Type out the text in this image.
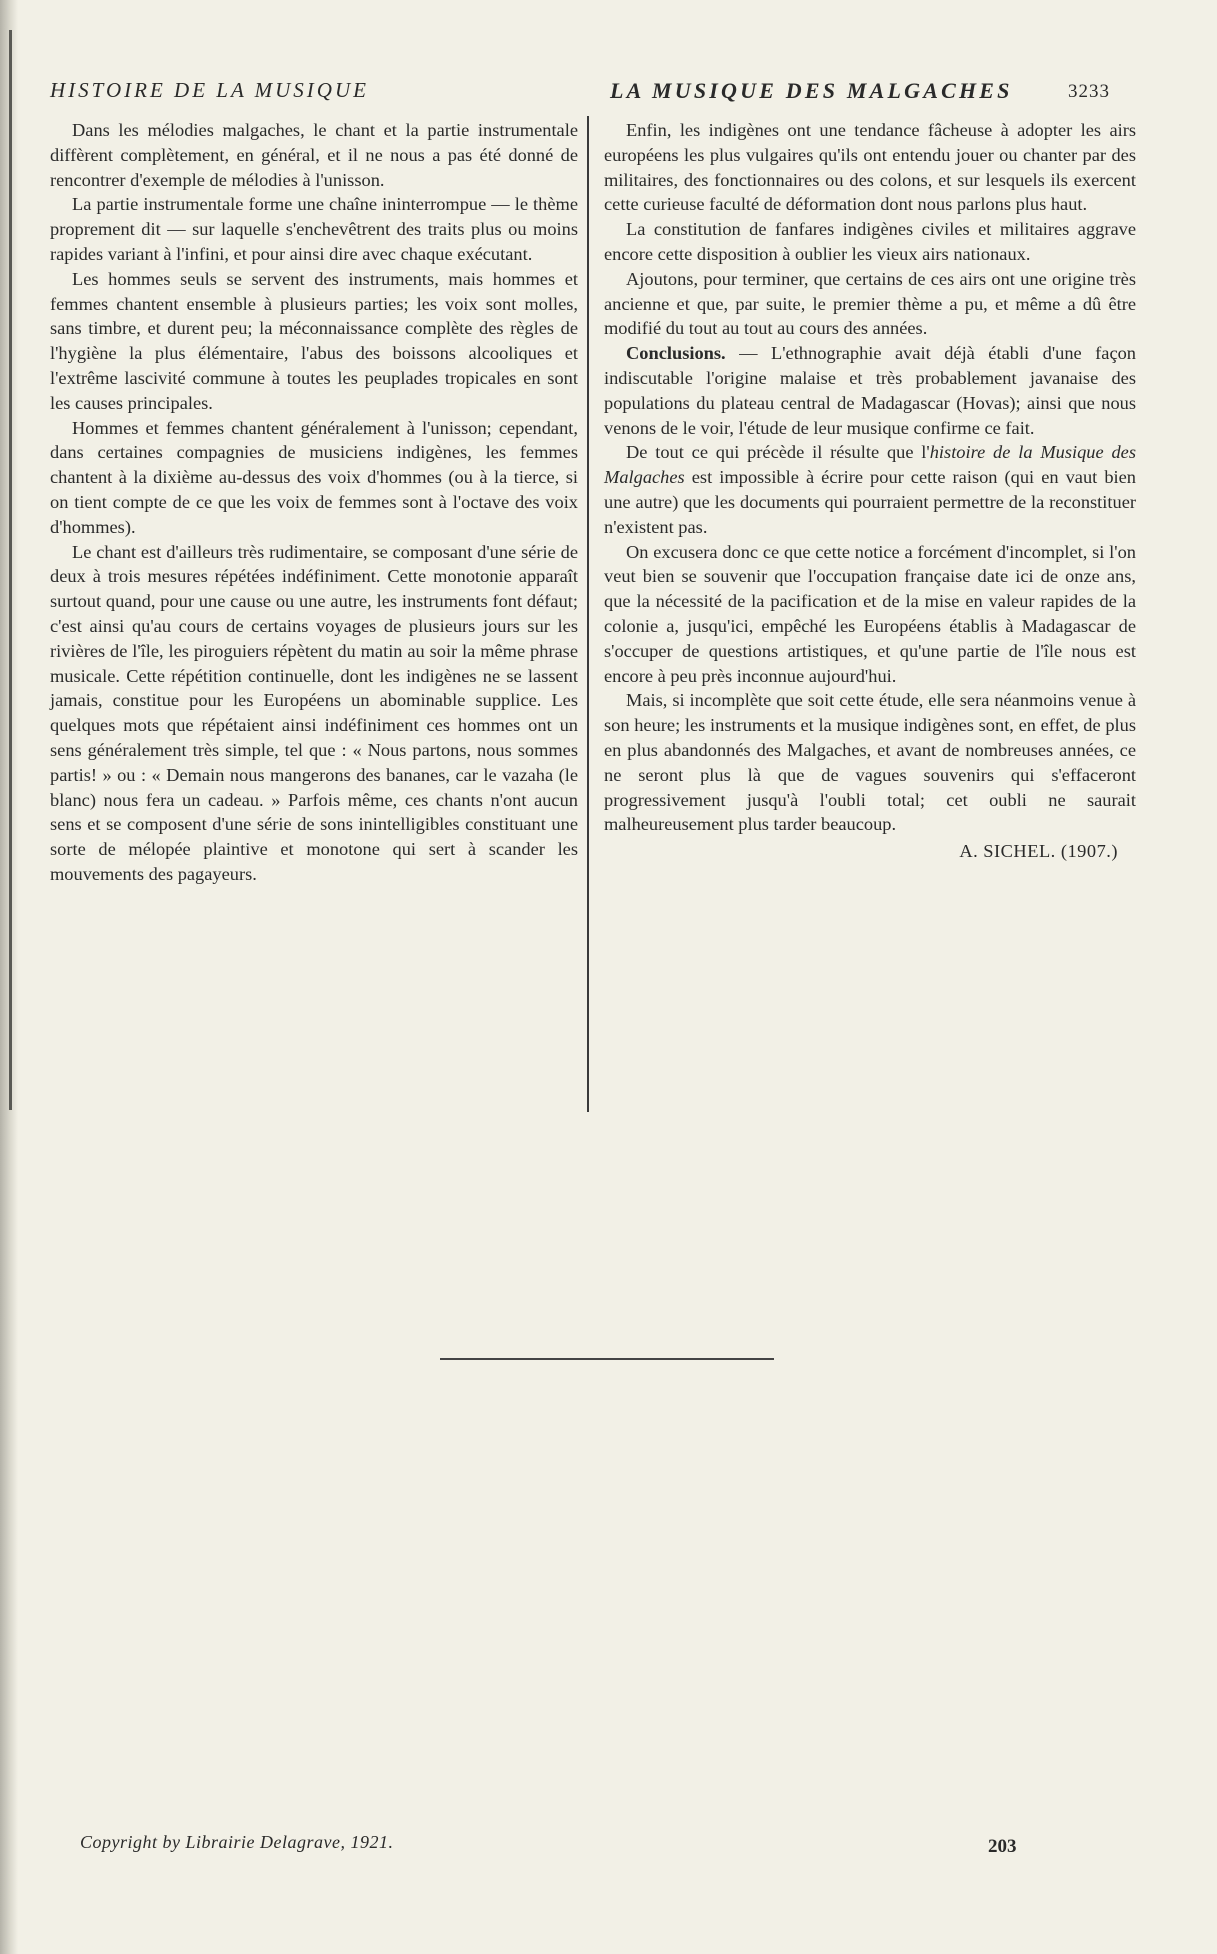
HISTOIRE DE LA MUSIQUE	LA MUSIQUE DES MALGACHES	3233

Dans les mélodies malgaches, le chant et la partie instrumentale diffèrent complètement, en général, et il ne nous a pas été donné de rencontrer d'exemple de mélodies à l'unisson.

La partie instrumentale forme une chaîne ininterrompue — le thème proprement dit — sur laquelle s'enchevêtrent des traits plus ou moins rapides variant à l'infini, et pour ainsi dire avec chaque exécutant.

Les hommes seuls se servent des instruments, mais hommes et femmes chantent ensemble à plusieurs parties; les voix sont molles, sans timbre, et durent peu; la méconnaissance complète des règles de l'hygiène la plus élémentaire, l'abus des boissons alcooliques et l'extrême lascivité commune à toutes les peuplades tropicales en sont les causes principales.

Hommes et femmes chantent généralement à l'unisson; cependant, dans certaines compagnies de musiciens indigènes, les femmes chantent à la dixième au-dessus des voix d'hommes (ou à la tierce, si on tient compte de ce que les voix de femmes sont à l'octave des voix d'hommes).

Le chant est d'ailleurs très rudimentaire, se composant d'une série de deux à trois mesures répétées indéfiniment. Cette monotonie apparaît surtout quand, pour une cause ou une autre, les instruments font défaut; c'est ainsi qu'au cours de certains voyages de plusieurs jours sur les rivières de l'île, les piroguiers répètent du matin au soir la même phrase musicale. Cette répétition continuelle, dont les indigènes ne se lassent jamais, constitue pour les Européens un abominable supplice. Les quelques mots que répétaient ainsi indéfiniment ces hommes ont un sens généralement très simple, tel que : « Nous partons, nous sommes partis! » ou : « Demain nous mangerons des bananes, car le vazaha (le blanc) nous fera un cadeau. » Parfois même, ces chants n'ont aucun sens et se composent d'une série de sons inintelligibles constituant une sorte de mélopée plaintive et monotone qui sert à scander les mouvements des pagayeurs.

Enfin, les indigènes ont une tendance fâcheuse à adopter les airs européens les plus vulgaires qu'ils ont entendu jouer ou chanter par des militaires, des fonctionnaires ou des colons, et sur lesquels ils exercent cette curieuse faculté de déformation dont nous parlons plus haut.

La constitution de fanfares indigènes civiles et militaires aggrave encore cette disposition à oublier les vieux airs nationaux.

Ajoutons, pour terminer, que certains de ces airs ont une origine très ancienne et que, par suite, le premier thème a pu, et même a dû être modifié du tout au tout au cours des années.

Conclusions. — L'ethnographie avait déjà établi d'une façon indiscutable l'origine malaise et très probablement javanaise des populations du plateau central de Madagascar (Hovas); ainsi que nous venons de le voir, l'étude de leur musique confirme ce fait.

De tout ce qui précède il résulte que l'histoire de la Musique des Malgaches est impossible à écrire pour cette raison (qui en vaut bien une autre) que les documents qui pourraient permettre de la reconstituer n'existent pas.

On excusera donc ce que cette notice a forcément d'incomplet, si l'on veut bien se souvenir que l'occupation française date ici de onze ans, que la nécessité de la pacification et de la mise en valeur rapides de la colonie a, jusqu'ici, empêché les Européens établis à Madagascar de s'occuper de questions artistiques, et qu'une partie de l'île nous est encore à peu près inconnue aujourd'hui.

Mais, si incomplète que soit cette étude, elle sera néanmoins venue à son heure; les instruments et la musique indigènes sont, en effet, de plus en plus abandonnés des Malgaches, et avant de nombreuses années, ce ne seront plus là que de vagues souvenirs qui s'effaceront progressivement jusqu'à l'oubli total; cet oubli ne saurait malheureusement plus tarder beaucoup.

A. SICHEL. (1907.)
Copyright by Librairie Delagrave, 1921.	203
